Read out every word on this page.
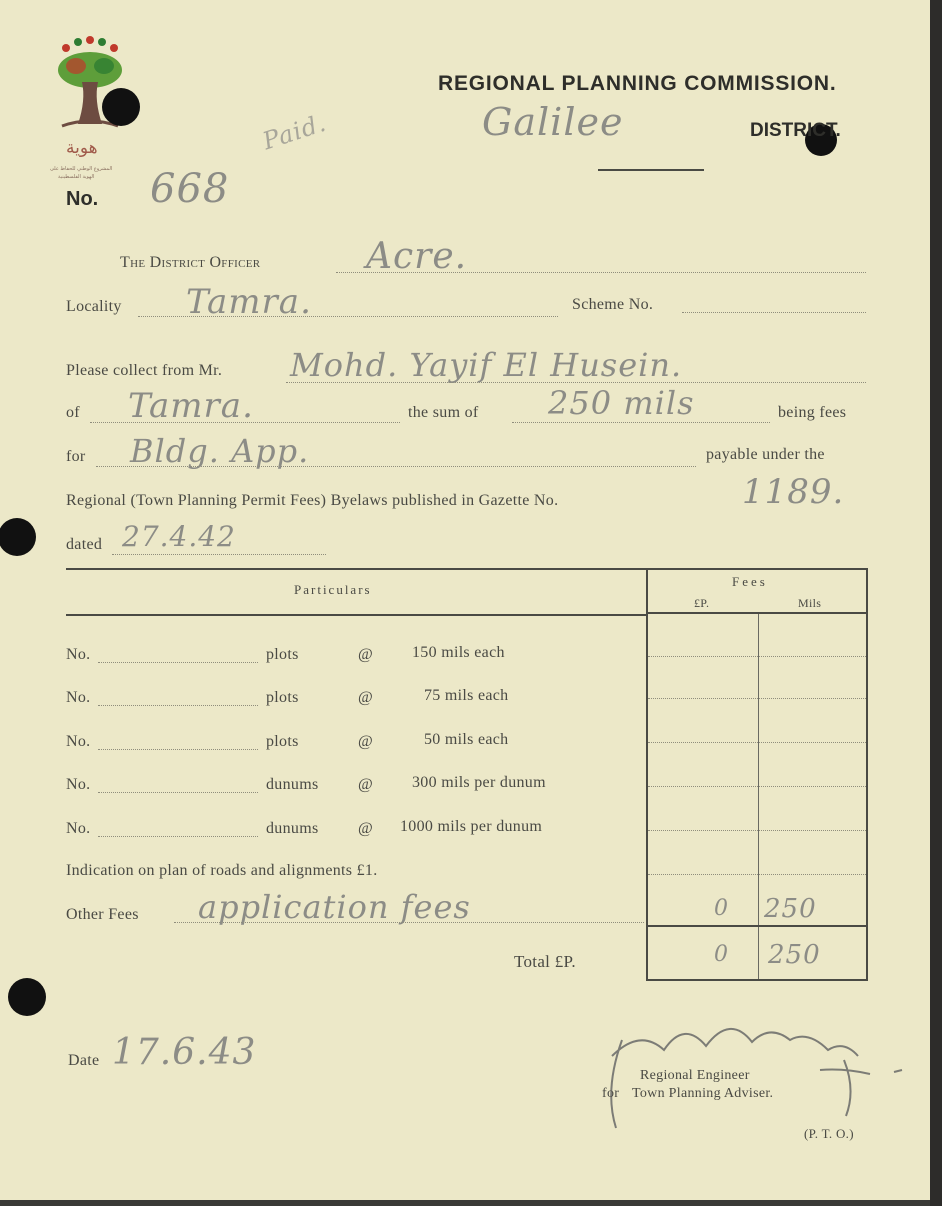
هوية
المشروع الوطني للحفاظ على
الهوية الفلسطينية
REGIONAL PLANNING COMMISSION.
Galilee	DISTRICT.
Paid.
No. 668
The District Officer	Acre.
Locality Tamra.	Scheme No.
Please collect from Mr. Mohd. Yayif El Husein.
of Tamra.	the sum of 250 mils	being fees
for Bldg. App.	payable under the
Regional (Town Planning Permit Fees) Byelaws published in Gazette No.	1189.
dated 27.4.42
Particulars
Fees
£P.	Mils
No.	plots	@ 150 mils each
No.	plots	@	75 mils each
No.	plots	@	50 mils each
No.	dunums @ 300 mils per dunum
No.	dunums @ 1000 mils per dunum
Indication on plan of roads and alignments £1.
Other Fees application fees	0 250
Total £P.	0 250
Date 17.6.43
Regional Engineer
for Town Planning Adviser.
(P. T. O.)
